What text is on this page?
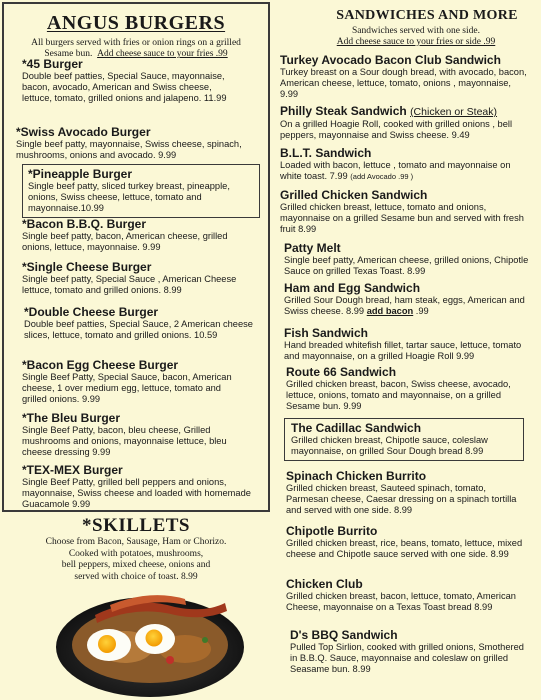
ANGUS BURGERS
All burgers served with fries or onion rings on a grilled
Sesame bun. Add cheese sauce to your fries .99
*45 Burger
Double beef patties, Special Sauce, mayonnaise, bacon, avocado, American and Swiss cheese, lettuce, tomato, grilled onions and jalapeno. 11.99
*Swiss Avocado Burger
Single beef patty, mayonnaise, Swiss cheese, spinach, mushrooms, onions and avocado. 9.99
*Pineapple Burger
Single beef patty, sliced turkey breast, pineapple, onions, Swiss cheese, lettuce, tomato and mayonnaise.10.99
*Bacon B.B.Q. Burger
Single beef patty, bacon, American cheese, grilled onions, lettuce, mayonnaise. 9.99
*Single Cheese Burger
Single beef patty, Special Sauce , American Cheese lettuce, tomato and grilled onions. 8.99
*Double Cheese Burger
Double beef patties, Special Sauce, 2 American cheese slices, lettuce, tomato and grilled onions. 10.59
*Bacon Egg Cheese Burger
Single Beef Patty, Special Sauce, bacon, American cheese, 1 over medium egg, lettuce, tomato and grilled onions. 9.99
*The Bleu Burger
Single Beef Patty, bacon, bleu cheese, Grilled mushrooms and onions, mayonnaise lettuce, bleu cheese dressing 9.99
*TEX-MEX Burger
Single Beef Patty, grilled bell peppers and onions, mayonnaise, Swiss cheese and loaded with homemade Guacamole 9.99
*SKILLETS
Choose from Bacon, Sausage, Ham or Chorizo.
Cooked with potatoes, mushrooms,
bell peppers, mixed cheese, onions and
served with choice of toast. 8.99
SANDWICHES AND MORE
Sandwiches served with one side.
Add cheese sauce to your fries or side .99
Turkey Avocado Bacon Club Sandwich
Turkey breast on a Sour dough bread, with avocado, bacon, American cheese, lettuce, tomato, onions , mayonnaise, 9.99
Philly Steak Sandwich (Chicken or Steak)
On a grilled Hoagie Roll, cooked with grilled onions , bell peppers, mayonnaise and Swiss cheese. 9.49
B.L.T. Sandwich
Loaded with bacon, lettuce , tomato and mayonnaise on white toast. 7.99 (add Avocado .99 )
Grilled Chicken Sandwich
Grilled chicken breast, lettuce, tomato and onions, mayonnaise on a grilled Sesame bun and served with fresh fruit 8.99
Patty Melt
Single beef patty, American cheese, grilled onions, Chipotle Sauce on grilled Texas Toast. 8.99
Ham and Egg Sandwich
Grilled Sour Dough bread, ham steak, eggs, American and Swiss cheese. 8.99 add bacon .99
Fish Sandwich
Hand breaded whitefish fillet, tartar sauce, lettuce, tomato and mayonnaise, on a grilled Hoagie Roll 9.99
Route 66 Sandwich
Grilled chicken breast, bacon, Swiss cheese, avocado, lettuce, onions, tomato and mayonnaise, on a grilled Sesame bun. 9.99
The Cadillac Sandwich
Grilled chicken breast, Chipotle sauce, coleslaw mayonnaise, on grilled Sour Dough bread 8.99
Spinach Chicken Burrito
Grilled chicken breast, Sauteed spinach, tomato, Parmesan cheese, Caesar dressing on a spinach tortilla and served with one side. 8.99
Chipotle Burrito
Grilled chicken breast, rice, beans, tomato, lettuce, mixed cheese and Chipotle sauce served with one side. 8.99
Chicken Club
Grilled chicken breast, bacon, lettuce, tomato, American Cheese, mayonnaise on a Texas Toast bread 8.99
D's BBQ Sandwich
Pulled Top Sirlion, cooked with grilled onions, Smothered in B.B.Q. Sauce, mayonnaise and coleslaw on grilled Seasame bun. 8.99
